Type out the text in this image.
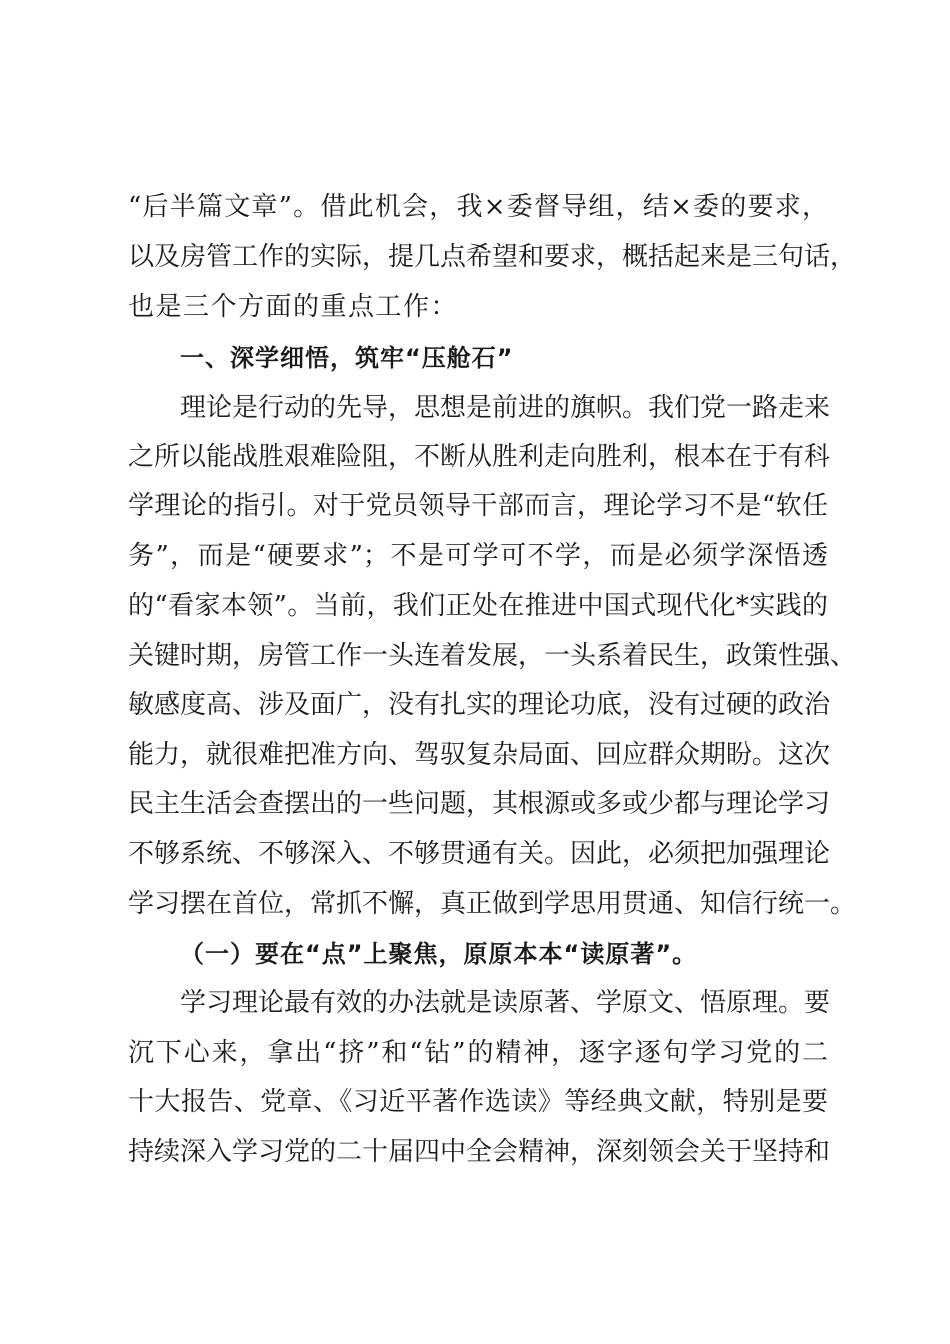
“后半篇文章”。借此机会，我×委督导组，结×委的要求，
以及房管工作的实际，提几点希望和要求，概括起来是三句话，
也是三个方面的重点工作：
一、深学细悟，筑牢“压舱石”
理论是行动的先导，思想是前进的旗帜。我们党一路走来
之所以能战胜艰难险阻，不断从胜利走向胜利，根本在于有科
学理论的指引。对于党员领导干部而言，理论学习不是“软任
务”，而是“硬要求”；不是可学可不学，而是必须学深悟透
的“看家本领”。当前，我们正处在推进中国式现代化*实践的
关键时期，房管工作一头连着发展，一头系着民生，政策性强、
敏感度高、涉及面广，没有扎实的理论功底，没有过硬的政治
能力，就很难把准方向、驾驭复杂局面、回应群众期盼。这次
民主生活会查摆出的一些问题，其根源或多或少都与理论学习
不够系统、不够深入、不够贯通有关。因此，必须把加强理论
学习摆在首位，常抓不懈，真正做到学思用贯通、知信行统一。
（一）要在“点”上聚焦，原原本本“读原著”。
学习理论最有效的办法就是读原著、学原文、悟原理。要
沉下心来，拿出“挤”和“钻”的精神，逐字逐句学习党的二
十大报告、党章、《习近平著作选读》等经典文献，特别是要
持续深入学习党的二十届四中全会精神，深刻领会关于坚持和
